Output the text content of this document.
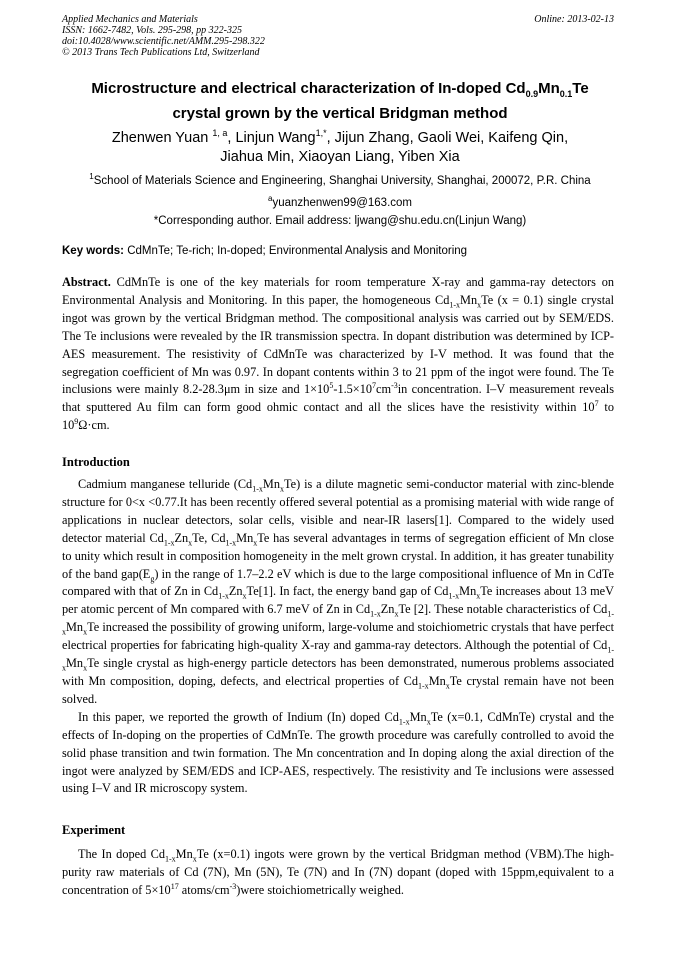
Applied Mechanics and Materials
ISSN: 1662-7482, Vols. 295-298, pp 322-325
doi:10.4028/www.scientific.net/AMM.295-298.322
© 2013 Trans Tech Publications Ltd, Switzerland
Online: 2013-02-13
Microstructure and electrical characterization of In-doped $Cd_{0.9}Mn_{0.1}Te$
crystal grown by the vertical Bridgman method
Zhenwen Yuan $^{1, a}$, Linjun Wang$^{1,*}$, Jijun Zhang, Gaoli Wei, Kaifeng Qin,
Jiahua Min, Xiaoyan Liang, Yiben Xia
$^1$School of Materials Science and Engineering, Shanghai University, Shanghai, 200072, P.R. China
$^a$yuanzhenwen99@163.com
*Corresponding author. Email address: ljwang@shu.edu.cn(Linjun Wang)
Key words: CdMnTe; Te-rich; In-doped; Environmental Analysis and Monitoring

Abstract. CdMnTe is one of the key materials for room temperature X-ray and gamma-ray detectors on Environmental Analysis and Monitoring. In this paper, the homogeneous $Cd_{1-x}Mn_xTe$ (x = 0.1) single crystal ingot was grown by the vertical Bridgman method. The compositional analysis was carried out by SEM/EDS. The Te inclusions were revealed by the IR transmission spectra. In dopant distribution was determined by ICP-AES measurement. The resistivity of CdMnTe was characterized by I-V method. It was found that the segregation coefficient of Mn was 0.97. In dopant contents within 3 to 21 ppm of the ingot were found. The Te inclusions were mainly 8.2-28.3μm in size and $1\times 10^5-1.5\times 10^7cm^{-3}in$ concentration. I–V measurement reveals that sputtered Au film can form good ohmic contact and all the slices have the resistivity within $10^7$ to $10^9\Omega\cdot cm$.

Introduction

Cadmium manganese telluride $(Cd_{1-x}Mn_xTe)$ is a dilute magnetic semi-conductor material with zinc-blende structure for 0<x <0.77.It has been recently offered several potential as a promising material with wide range of applications in nuclear detectors, solar cells, visible and near-IR lasers[1]. Compared to the widely used detector material $Cd_{1-x}Zn_xTe$, $Cd_{1-x}Mn_xTe$ has several advantages in terms of segregation efficient of Mn close to unity which result in composition homogeneity in the melt grown crystal. In addition, it has greater tunability of the band $gap(E_g)$ in the range of 1.7–2.2 eV which is due to the large compositional influence of Mn in CdTe compared with that of Zn in $Cd_{1-x}Zn_xTe[1]$. In fact, the energy band gap of $Cd_{1-x}Mn_xTe$ increases about 13 meV per atomic percent of Mn compared with 6.7 meV of Zn in $Cd_{1-x}Zn_xTe$ [2]. These notable characteristics of $Cd_{1-x}Mn_xTe$ increased the possibility of growing uniform, large-volume and stoichiometric crystals that have perfect electrical properties for fabricating high-quality X-ray and gamma-ray detectors. Although the potential of $Cd_{1-x}Mn_xTe$ single crystal as high-energy particle detectors has been demonstrated, numerous problems associated with Mn composition, doping, defects, and electrical properties of $Cd_{1-x}Mn_xTe$ crystal remain have not been solved.

In this paper, we reported the growth of Indium (In) doped $Cd_{1-x}Mn_xTe$ (x=0.1, CdMnTe) crystal and the effects of In-doping on the properties of CdMnTe. The growth procedure was carefully controlled to avoid the solid phase transition and twin formation. The Mn concentration and In doping along the axial direction of the ingot were analyzed by SEM/EDS and ICP-AES, respectively. The resistivity and Te inclusions were assessed using I–V and IR microscopy system.

Experiment

The In doped $Cd_{1-x}Mn_xTe$ (x=0.1) ingots were grown by the vertical Bridgman method (VBM).The high-purity raw materials of Cd (7N), Mn (5N), Te (7N) and In (7N) dopant (doped with 15ppm,equivalent to a concentration of $5\times 10^{17}$ atoms/$cm^{-3})were$ stoichiometrically weighed.
